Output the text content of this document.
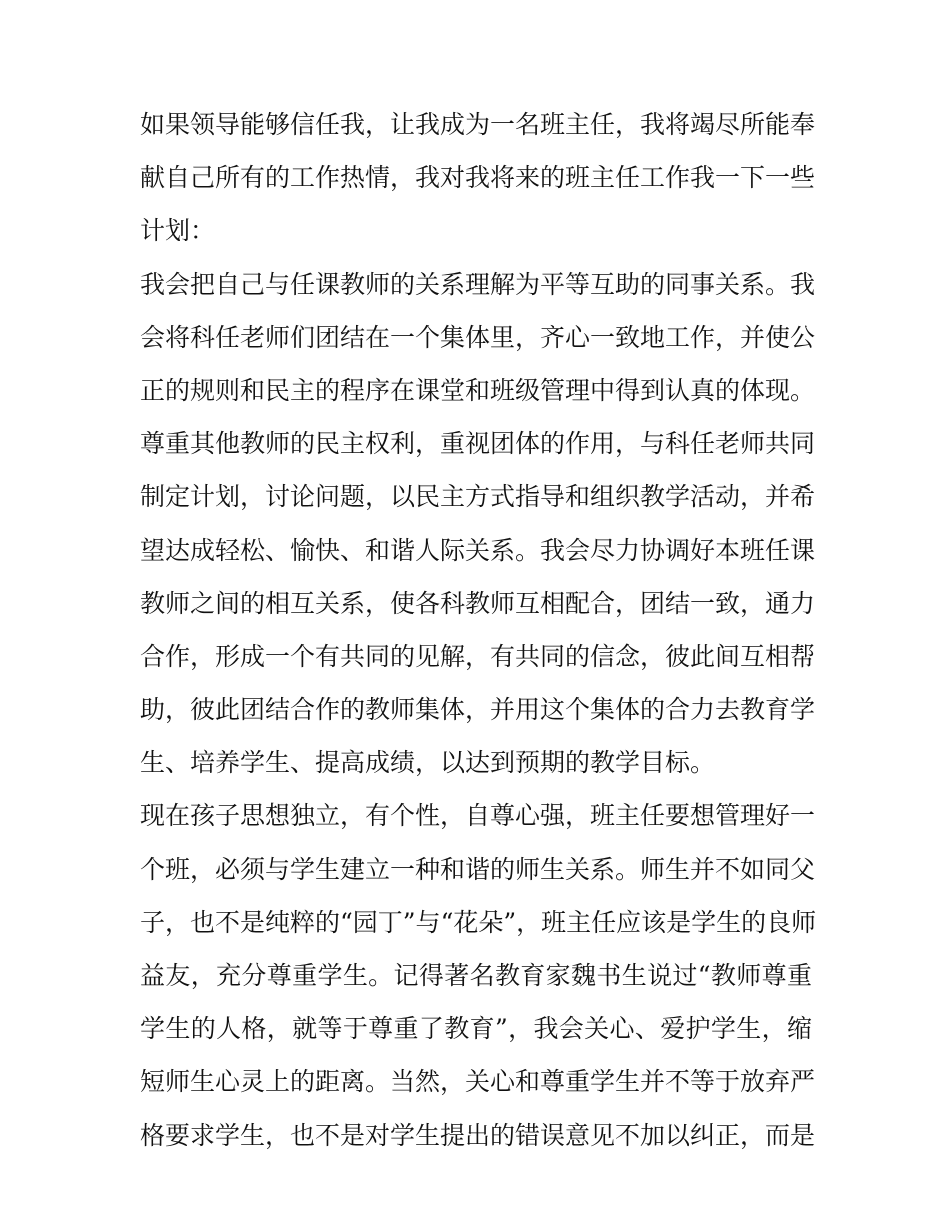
如果领导能够信任我，让我成为一名班主任，我将竭尽所能奉
献自己所有的工作热情，我对我将来的班主任工作我一下一些
计划：
我会把自己与任课教师的关系理解为平等互助的同事关系。我
会将科任老师们团结在一个集体里，齐心一致地工作，并使公
正的规则和民主的程序在课堂和班级管理中得到认真的体现。
尊重其他教师的民主权利，重视团体的作用，与科任老师共同
制定计划，讨论问题，以民主方式指导和组织教学活动，并希
望达成轻松、愉快、和谐人际关系。我会尽力协调好本班任课
教师之间的相互关系，使各科教师互相配合，团结一致，通力
合作，形成一个有共同的见解，有共同的信念，彼此间互相帮
助，彼此团结合作的教师集体，并用这个集体的合力去教育学
生、培养学生、提高成绩，以达到预期的教学目标。
现在孩子思想独立，有个性，自尊心强，班主任要想管理好一
个班，必须与学生建立一种和谐的师生关系。师生并不如同父
子，也不是纯粹的“园丁”与“花朵”，班主任应该是学生的良师
益友，充分尊重学生。记得著名教育家魏书生说过“教师尊重
学生的人格，就等于尊重了教育”，我会关心、爱护学生，缩
短师生心灵上的距离。当然，关心和尊重学生并不等于放弃严
格要求学生，也不是对学生提出的错误意见不加以纠正，而是
